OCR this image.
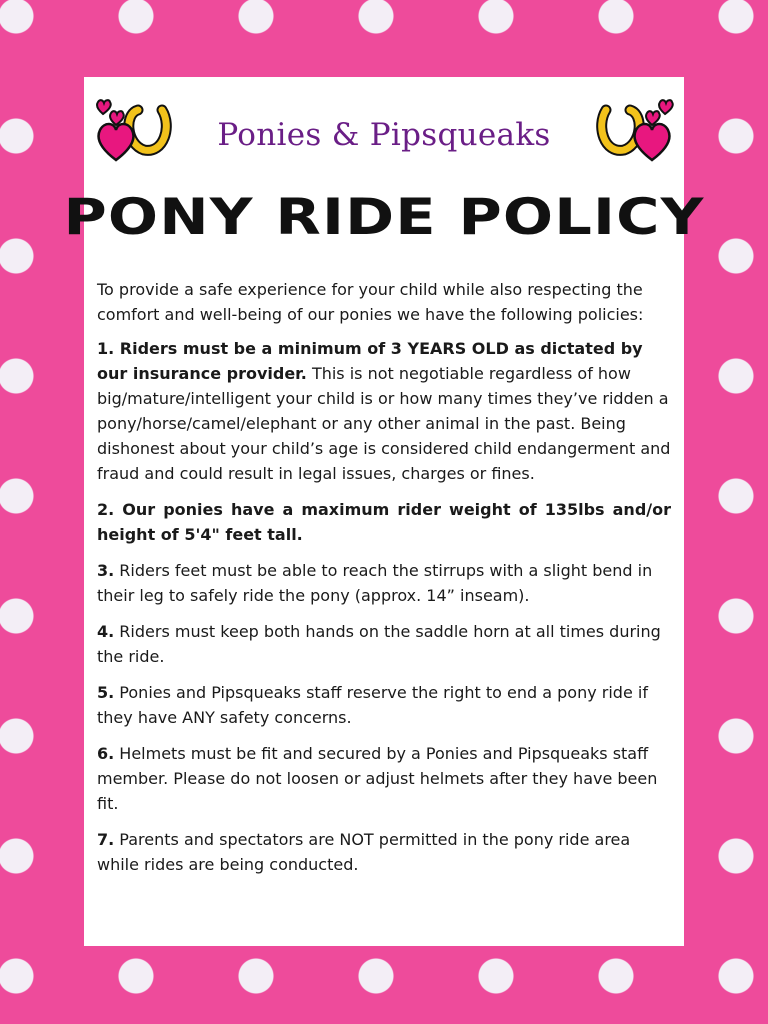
Ponies & Pipsqueaks
PONY RIDE POLICY

To provide a safe experience for your child while also respecting the comfort and well-being of our ponies we have the following policies:

1. Riders must be a minimum of 3 YEARS OLD as dictated by our insurance provider. This is not negotiable regardless of how big/mature/intelligent your child is or how many times they’ve ridden a pony/horse/camel/elephant or any other animal in the past. Being dishonest about your child’s age is considered child endangerment and fraud and could result in legal issues, charges or fines.

2. Our ponies have a maximum rider weight of 135lbs and/or height of 5'4" feet tall.

3. Riders feet must be able to reach the stirrups with a slight bend in their leg to safely ride the pony (approx. 14” inseam).

4. Riders must keep both hands on the saddle horn at all times during the ride.

5. Ponies and Pipsqueaks staff reserve the right to end a pony ride if they have ANY safety concerns.

6. Helmets must be fit and secured by a Ponies and Pipsqueaks staff member. Please do not loosen or adjust helmets after they have been fit.

7. Parents and spectators are NOT permitted in the pony ride area while rides are being conducted.
